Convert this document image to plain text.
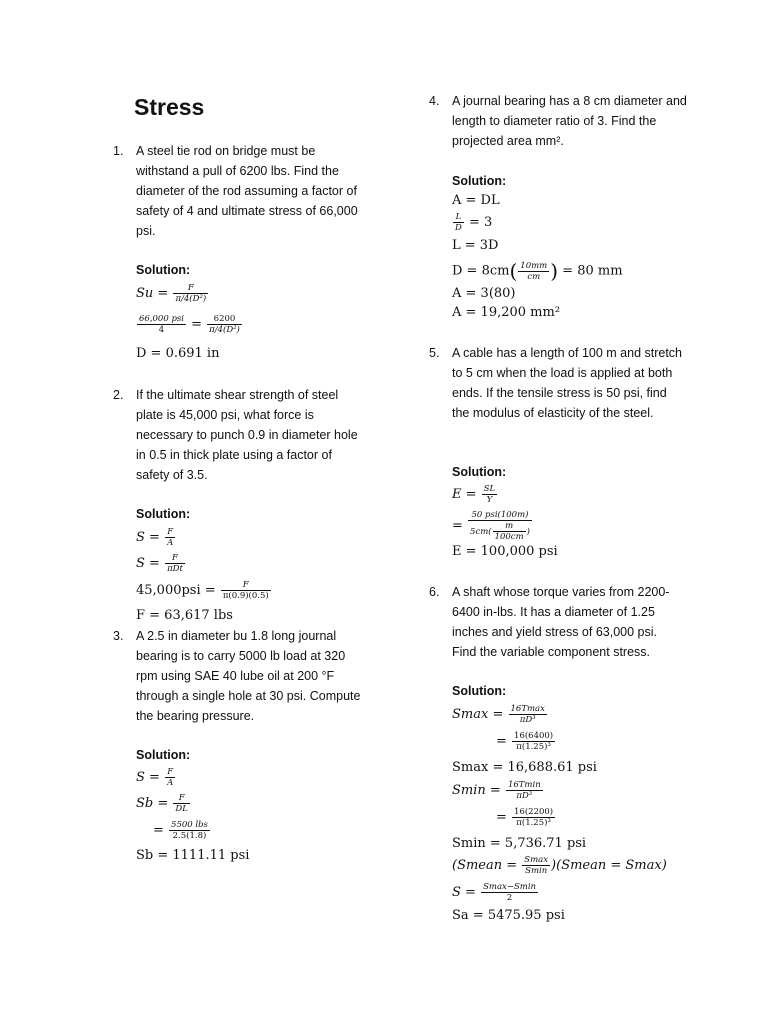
Stress
1. A steel tie rod on bridge must be withstand a pull of 6200 lbs. Find the diameter of the rod assuming a factor of safety of 4 and ultimate stress of 66,000 psi.
Solution:
$Su = \frac{F}{\text{π/4(D²)}}$
66,000 psi
4	= $\frac{6200}{\text{π/4(D²)}}$
D = 0.691 in
2. If the ultimate shear strength of steel plate is 45,000 psi, what force is necessary to punch 0.9 in diameter hole in 0.5 in thick plate using a factor of safety of 3.5.
Solution:
$S = \frac{F}{A}$
S = F
πDt
$45,000psi = \frac{F}{\pi(0.9)(0.5)}$
F = 63,617 lbs
3. A 2.5 in diameter bu 1.8 long journal bearing is to carry 5000 lb load at 320 rpm using SAE 40 lube oil at 200 °F through a single hole at 30 psi. Compute the bearing pressure.
Solution:
$S = \frac{F}{A}$
$Sb = \frac{F}{DL}$
= 5500 lbs
2.5(1.8)
Sb = 1111.11 psi
4. A journal bearing has a 8 cm diameter and length to diameter ratio of 3. Find the projected area mm².
Solution:
A = DL
$\frac{L}{D} = 3$
L = 3D
$D = 8cm( \frac{10mm}{cm}$ ) = 80 mm
A = 3(80)
A = 19,200 mm²
5. A cable has a length of 100 m and stretch to 5 cm when the load is applied at both ends. If the tensile stress is 50 psi, find the modulus of elasticity of the steel.
Solution:
$E = \frac{SL}{Y}$
=
50 psi(100m)
$5cm( \frac{m}{100cm}$ )
E = 100,000 psi
6. A shaft whose torque varies from 2200-6400 in-lbs. It has a diameter of 1.25 inches and yield stress of 63,000 psi. Find the variable component stress.
Solution:
Smax = 16Tmax
πD³
= $\frac{16(6400)}{\text{π(1.25)³}}$
Smax = 16,688.61 psi
Smin = 16Tmin
πD³
= $\frac{16(2200)}{\text{π(1.25)³}}$
Smin = 5,736.71 psi
(Smean = Smax
Smin )(Smean = Smax)
S = Smax−Smin
2
Sa = 5475.95 psi
